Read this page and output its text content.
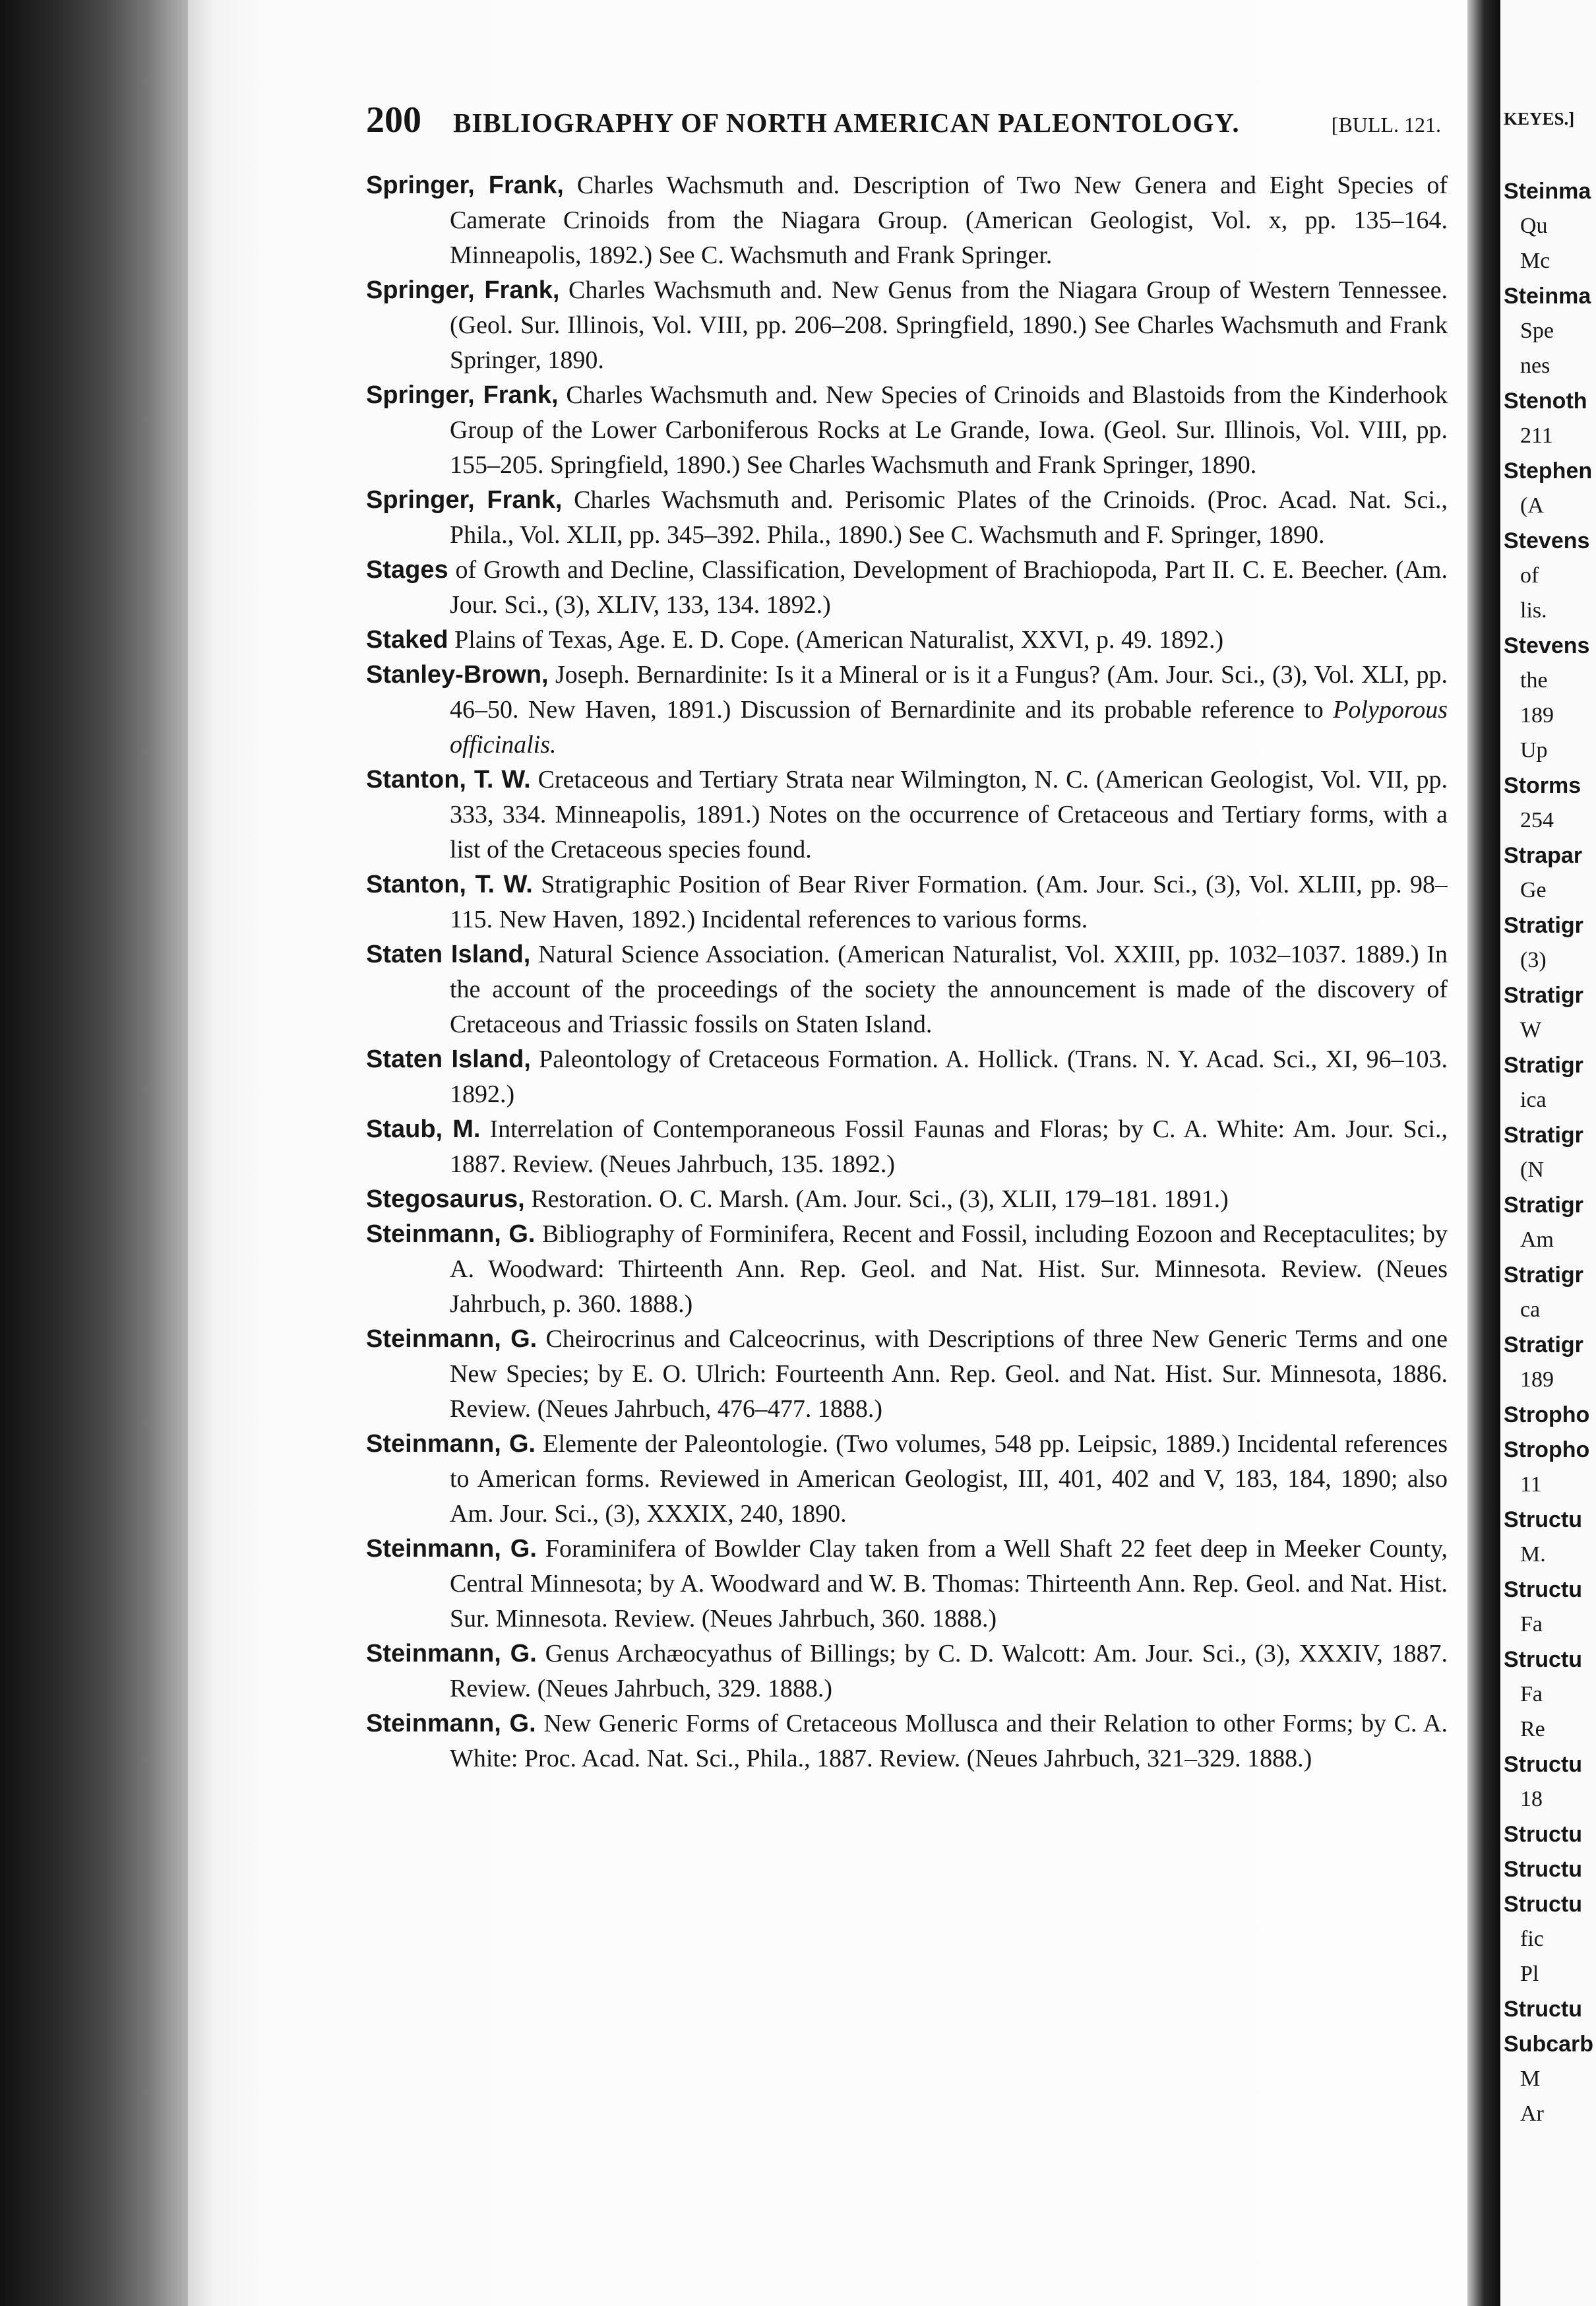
200 BIBLIOGRAPHY OF NORTH AMERICAN PALEONTOLOGY.	[BULL. 121.

Springer, Frank, Charles Wachsmuth and. Description of Two New Genera and Eight Species of Camerate Crinoids from the Niagara Group. (American Geologist, Vol. x, pp. 135–164. Minneapolis, 1892.) See C. Wachsmuth and Frank Springer.

Springer, Frank, Charles Wachsmuth and. New Genus from the Niagara Group of Western Tennessee. (Geol. Sur. Illinois, Vol. VIII, pp. 206–208. Springfield, 1890.) See Charles Wachsmuth and Frank Springer, 1890.

Springer, Frank, Charles Wachsmuth and. New Species of Crinoids and Blastoids from the Kinderhook Group of the Lower Carboniferous Rocks at Le Grande, Iowa. (Geol. Sur. Illinois, Vol. VIII, pp. 155–205. Springfield, 1890.) See Charles Wachsmuth and Frank Springer, 1890.

Springer, Frank, Charles Wachsmuth and. Perisomic Plates of the Crinoids. (Proc. Acad. Nat. Sci., Phila., Vol. XLII, pp. 345–392. Phila., 1890.) See C. Wachsmuth and F. Springer, 1890.

Stages of Growth and Decline, Classification, Development of Brachiopoda, Part II. C. E. Beecher. (Am. Jour. Sci., (3), XLIV, 133, 134. 1892.)

Staked Plains of Texas, Age. E. D. Cope. (American Naturalist, XXVI, p. 49. 1892.)

Stanley-Brown, Joseph. Bernardinite: Is it a Mineral or is it a Fungus? (Am. Jour. Sci., (3), Vol. XLI, pp. 46–50. New Haven, 1891.) Discussion of Bernardinite and its probable reference to Polyporous officinalis.

Stanton, T. W. Cretaceous and Tertiary Strata near Wilmington, N. C. (American Geologist, Vol. VII, pp. 333, 334. Minneapolis, 1891.) Notes on the occurrence of Cretaceous and Tertiary forms, with a list of the Cretaceous species found.

Stanton, T. W. Stratigraphic Position of Bear River Formation. (Am. Jour. Sci., (3), Vol. XLIII, pp. 98–115. New Haven, 1892.) Incidental references to various forms.

Staten Island, Natural Science Association. (American Naturalist, Vol. XXIII, pp. 1032–1037. 1889.) In the account of the proceedings of the society the announcement is made of the discovery of Cretaceous and Triassic fossils on Staten Island.

Staten Island, Paleontology of Cretaceous Formation. A. Hollick. (Trans. N. Y. Acad. Sci., XI, 96–103. 1892.)

Staub, M. Interrelation of Contemporaneous Fossil Faunas and Floras; by C. A. White: Am. Jour. Sci., 1887. Review. (Neues Jahrbuch, 135. 1892.)

Stegosaurus, Restoration. O. C. Marsh. (Am. Jour. Sci., (3), XLII, 179–181. 1891.)

Steinmann, G. Bibliography of Forminifera, Recent and Fossil, including Eozoon and Receptaculites; by A. Woodward: Thirteenth Ann. Rep. Geol. and Nat. Hist. Sur. Minnesota. Review. (Neues Jahrbuch, p. 360. 1888.)

Steinmann, G. Cheirocrinus and Calceocrinus, with Descriptions of three New Generic Terms and one New Species; by E. O. Ulrich: Fourteenth Ann. Rep. Geol. and Nat. Hist. Sur. Minnesota, 1886. Review. (Neues Jahrbuch, 476–477. 1888.)

Steinmann, G. Elemente der Paleontologie. (Two volumes, 548 pp. Leipsic, 1889.) Incidental references to American forms. Reviewed in American Geologist, III, 401, 402 and V, 183, 184, 1890; also Am. Jour. Sci., (3), XXXIX, 240, 1890.

Steinmann, G. Foraminifera of Bowlder Clay taken from a Well Shaft 22 feet deep in Meeker County, Central Minnesota; by A. Woodward and W. B. Thomas: Thirteenth Ann. Rep. Geol. and Nat. Hist. Sur. Minnesota. Review. (Neues Jahrbuch, 360. 1888.)

Steinmann, G. Genus Archæocyathus of Billings; by C. D. Walcott: Am. Jour. Sci., (3), XXXIV, 1887. Review. (Neues Jahrbuch, 329. 1888.)

Steinmann, G. New Generic Forms of Cretaceous Mollusca and their Relation to other Forms; by C. A. White: Proc. Acad. Nat. Sci., Phila., 1887. Review. (Neues Jahrbuch, 321–329. 1888.)

KEYES.]
Steinma
Qu
Mc
Steinma
Spe
nes
Stenoth
211
Stephen
(A
Stevens
of
lis.
Stevens
the
189
Up
Storms
254
Strapar
Ge
Stratigr
(3)
Stratigr
W
Stratigr
ica
Stratigr
(N
Stratigr
Am
Stratigr
ca
Stratigr
189
Stropho
Stropho
11
Structu
M.
Structu
Fa
Structu
Fa
Re
Structu
18
Structu
Structu
Structu
fic
Pl
Structu
Subcarb
M
Ar
